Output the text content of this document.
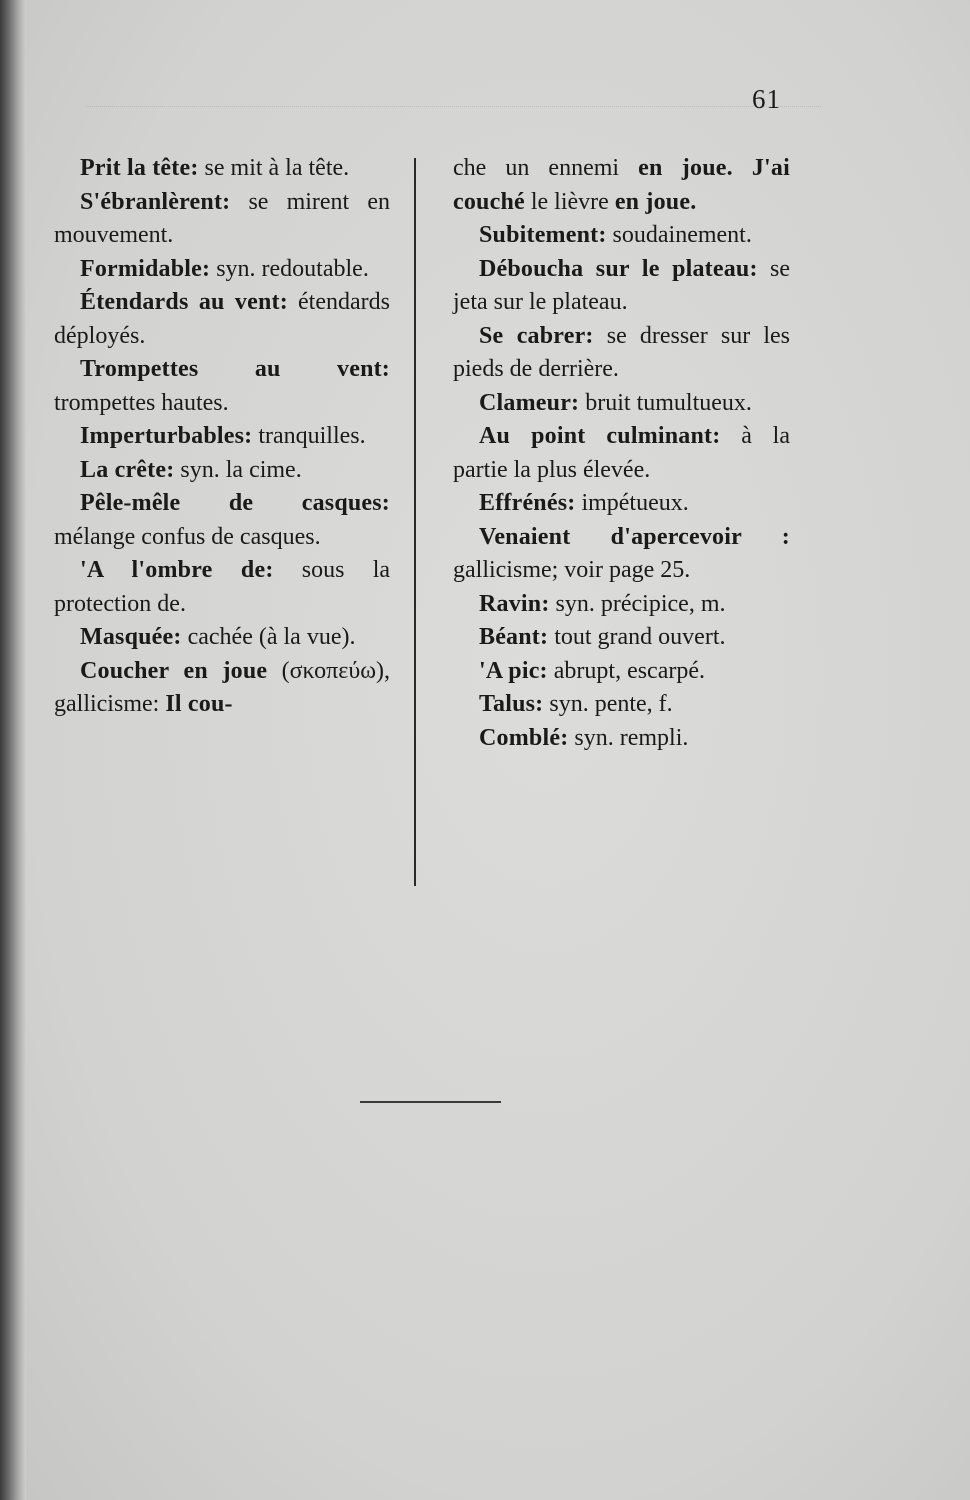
61

Prit la tête: se mit à la tête.

S'ébranlèrent: se mirent en mouvement.

Formidable: syn. redoutable.

Étendards au vent: étendards déployés.

Trompettes au vent: trompettes hautes.

Imperturbables: tranquilles.

La crête: syn. la cime.

Pêle-mêle de casques: mélange confus de casques.

'A l'ombre de: sous la protection de.

Masquée: cachée (à la vue).

Coucher en joue (σκοπεύω), gallicisme: Il cou-

che un ennemi en joue. J'ai couché le lièvre en joue.

Subitement: soudainement.

Déboucha sur le plateau: se jeta sur le plateau.

Se cabrer: se dresser sur les pieds de derrière.

Clameur: bruit tumultueux.

Au point culminant: à la partie la plus élevée.

Effrénés: impétueux.

Venaient d'apercevoir : gallicisme; voir page 25.

Ravin: syn. précipice, m.

Béant: tout grand ouvert.

'A pic: abrupt, escarpé.

Talus: syn. pente, f.

Comblé: syn. rempli.
